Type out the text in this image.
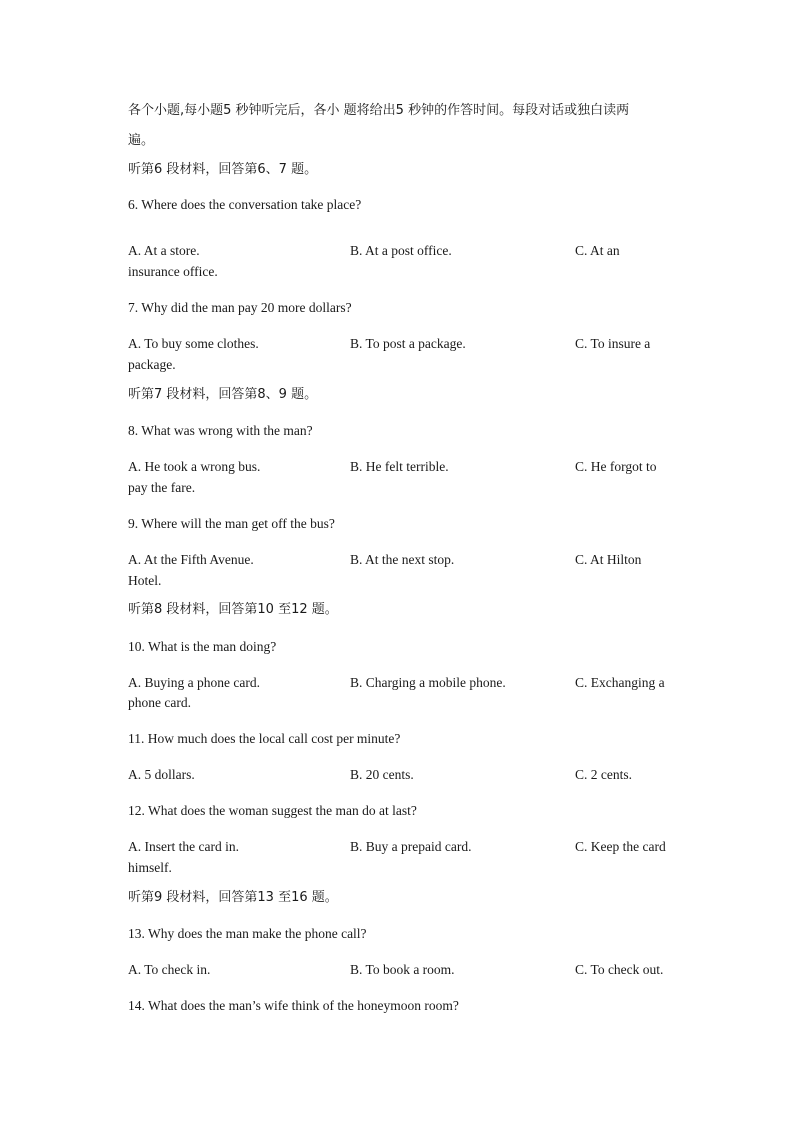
各个小题,每小题5 秒钟听完后，各小 题将给出5 秒钟的作答时间。每段对话或独白读两
遍。
听第6 段材料，回答第6、7 题。
6. Where does the conversation take place?
A. At a store.	B. At a post office.	C. At an
insurance office.
7. Why did the man pay 20 more dollars?
A. To buy some clothes.	B. To post a package.	C. To insure a
package.
听第7 段材料，回答第8、9 题。
8. What was wrong with the man?
A. He took a wrong bus.	B. He felt terrible.	C. He forgot to
pay the fare.
9. Where will the man get off the bus?
A. At the Fifth Avenue.	B. At the next stop.	C. At Hilton
Hotel.
听第8 段材料，回答第10 至12 题。
10. What is the man doing?
A. Buying a phone card.	B. Charging a mobile phone.	C. Exchanging a
phone card.
11. How much does the local call cost per minute?
A. 5 dollars.	B. 20 cents.	C. 2 cents.
12. What does the woman suggest the man do at last?
A. Insert the card in.	B. Buy a prepaid card.	C. Keep the card
himself.
听第9 段材料，回答第13 至16 题。
13. Why does the man make the phone call?
A. To check in.	B. To book a room.	C. To check out.
14. What does the man’s wife think of the honeymoon room?
